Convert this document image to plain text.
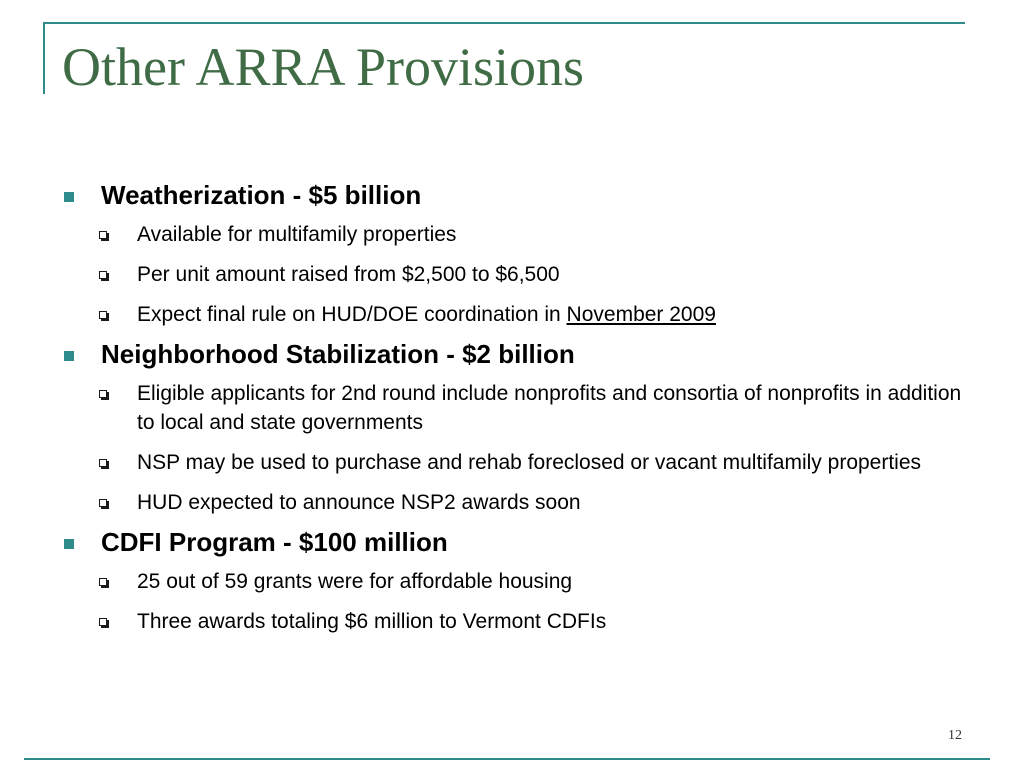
Other ARRA Provisions
Weatherization - $5 billion
Available for multifamily properties
Per unit amount raised from $2,500 to $6,500
Expect final rule on HUD/DOE coordination in November 2009
Neighborhood Stabilization - $2 billion
Eligible applicants for 2nd round include nonprofits and consortia of nonprofits in addition to local and state governments
NSP may be used to purchase and rehab foreclosed or vacant multifamily properties
HUD expected to announce NSP2 awards soon
CDFI Program - $100 million
25 out of 59 grants were for affordable housing
Three awards totaling $6 million to Vermont CDFIs
12
